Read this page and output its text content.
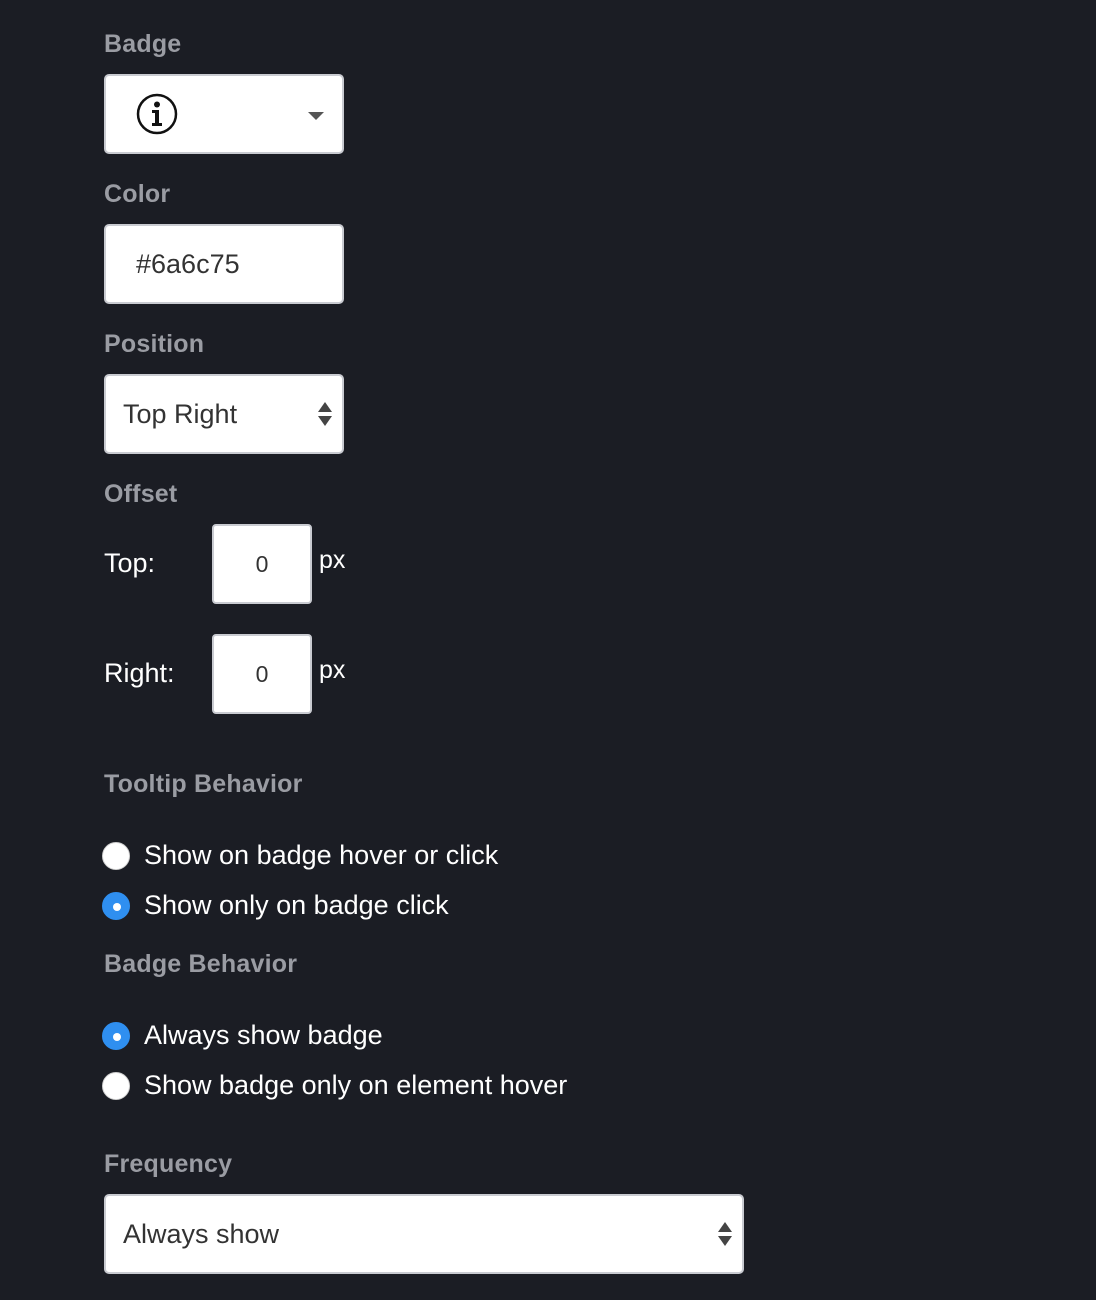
Badge
Color
#6a6c75
Position
Top Right
Offset
Top:	0	px
Right:	0	px
Tooltip Behavior
Show on badge hover or click
Show only on badge click
Badge Behavior
Always show badge
Show badge only on element hover
Frequency
Always show
